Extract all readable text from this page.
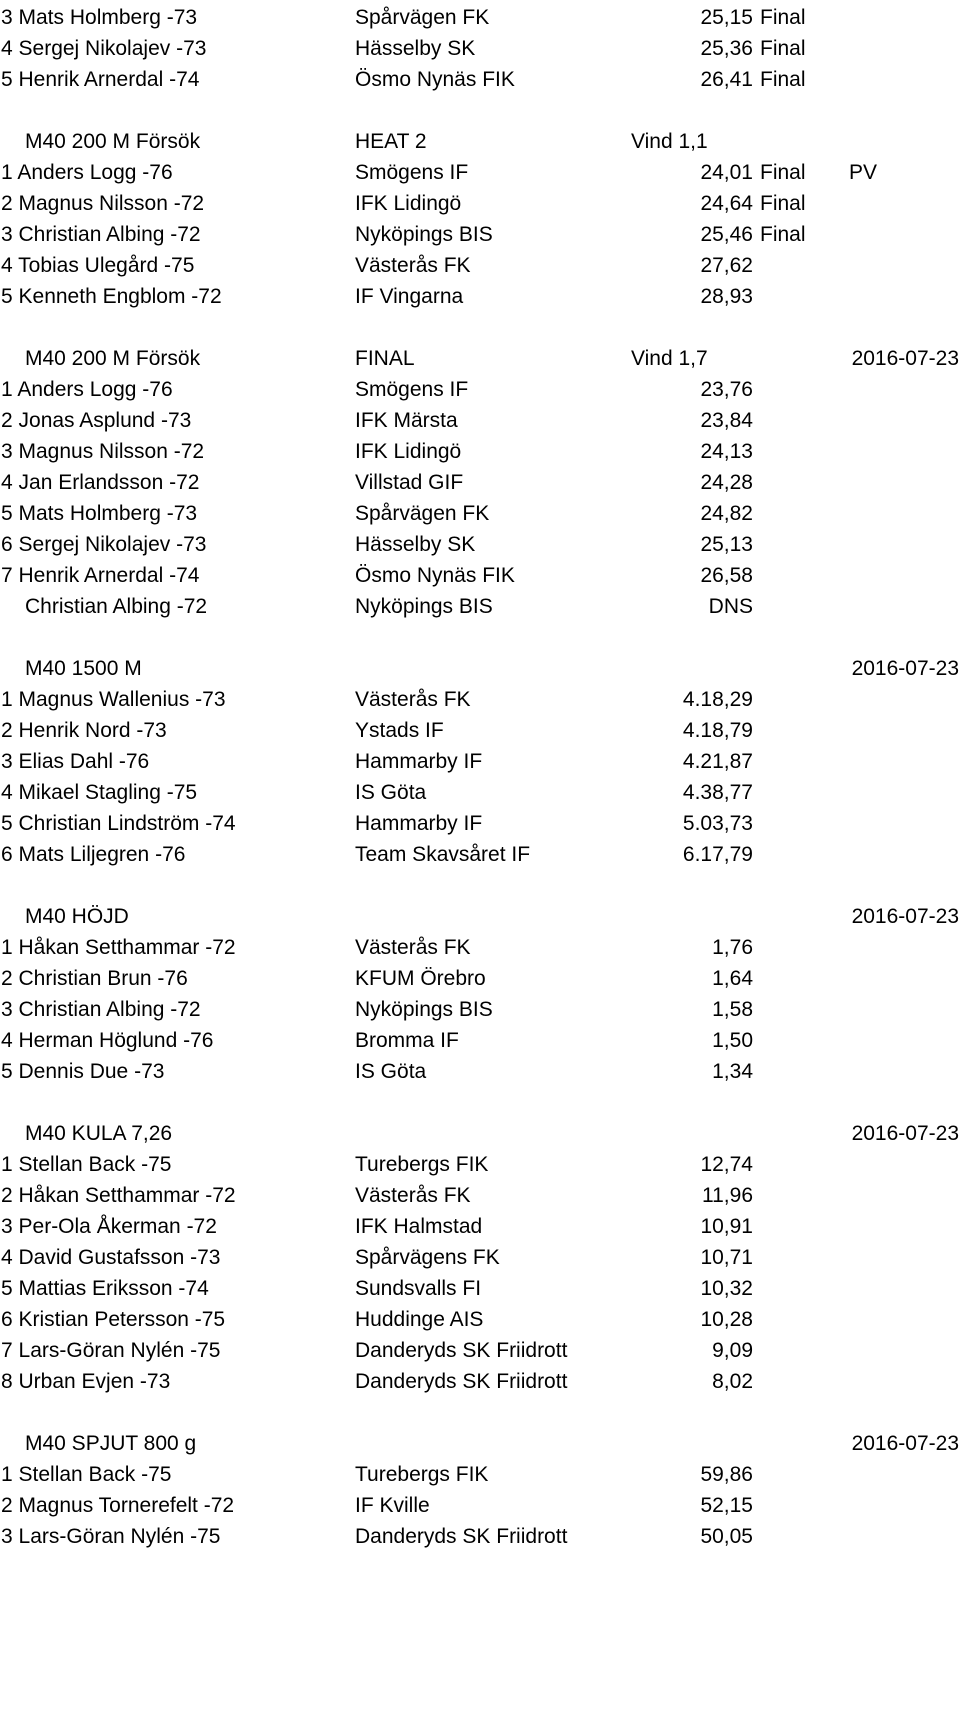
3 Mats Holmberg -73	Spårvägen FK	25,15 Final
4 Sergej Nikolajev -73	Hässelby SK	25,36 Final
5 Henrik Arnerdal -74	Ösmo Nynäs FIK	26,41 Final
M40 200 M Försök	HEAT 2	Vind 1,1
1 Anders Logg -76	Smögens IF	24,01 Final PV
2 Magnus Nilsson -72	IFK Lidingö	24,64 Final
3 Christian Albing -72	Nyköpings BIS	25,46 Final
4 Tobias Ulegård -75	Västerås FK	27,62
5 Kenneth Engblom -72	IF Vingarna	28,93
M40 200 M Försök	FINAL	Vind 1,7	2016-07-23
1 Anders Logg -76	Smögens IF	23,76
2 Jonas Asplund -73	IFK Märsta	23,84
3 Magnus Nilsson -72	IFK Lidingö	24,13
4 Jan Erlandsson -72	Villstad GIF	24,28
5 Mats Holmberg -73	Spårvägen FK	24,82
6 Sergej Nikolajev -73	Hässelby SK	25,13
7 Henrik Arnerdal -74	Ösmo Nynäs FIK	26,58
Christian Albing -72	Nyköpings BIS	DNS
M40 1500 M	2016-07-23
1 Magnus Wallenius -73	Västerås FK	4.18,29
2 Henrik Nord -73	Ystads IF	4.18,79
3 Elias Dahl -76	Hammarby IF	4.21,87
4 Mikael Stagling -75	IS Göta	4.38,77
5 Christian Lindström -74	Hammarby IF	5.03,73
6 Mats Liljegren -76	Team Skavsåret IF	6.17,79
M40 HÖJD	2016-07-23
1 Håkan Setthammar -72	Västerås FK	1,76
2 Christian Brun -76	KFUM Örebro	1,64
3 Christian Albing -72	Nyköpings BIS	1,58
4 Herman Höglund -76	Bromma IF	1,50
5 Dennis Due -73	IS Göta	1,34
M40 KULA 7,26	2016-07-23
1 Stellan Back -75	Turebergs FIK	12,74
2 Håkan Setthammar -72	Västerås FK	11,96
3 Per-Ola Åkerman -72	IFK Halmstad	10,91
4 David Gustafsson -73	Spårvägens FK	10,71
5 Mattias Eriksson -74	Sundsvalls FI	10,32
6 Kristian Petersson -75	Huddinge AIS	10,28
7 Lars-Göran Nylén -75	Danderyds SK Friidrott	9,09
8 Urban Evjen -73	Danderyds SK Friidrott	8,02
M40 SPJUT 800 g	2016-07-23
1 Stellan Back -75	Turebergs FIK	59,86
2 Magnus Tornerefelt -72	IF Kville	52,15
3 Lars-Göran Nylén -75	Danderyds SK Friidrott	50,05
